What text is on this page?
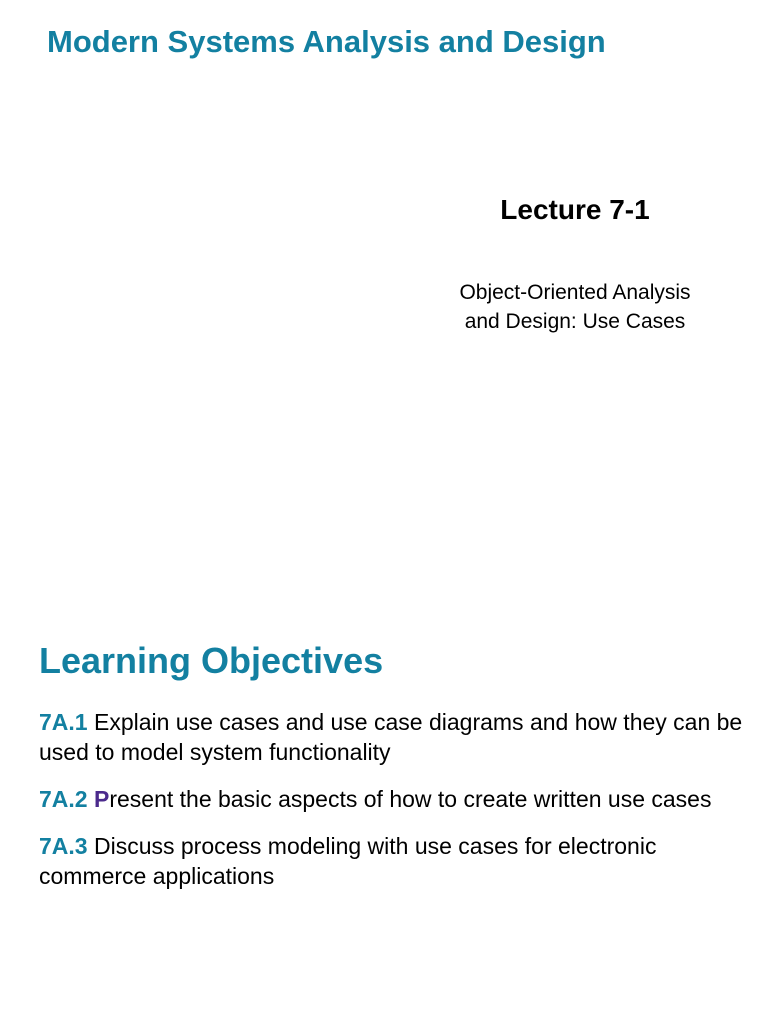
Modern Systems Analysis and Design
Lecture 7-1
Object-Oriented Analysis
and Design: Use Cases
Learning Objectives
7A.1 Explain use cases and use case diagrams and how they can be used to model system functionality
7A.2 Present the basic aspects of how to create written use cases
7A.3 Discuss process modeling with use cases for electronic commerce applications
